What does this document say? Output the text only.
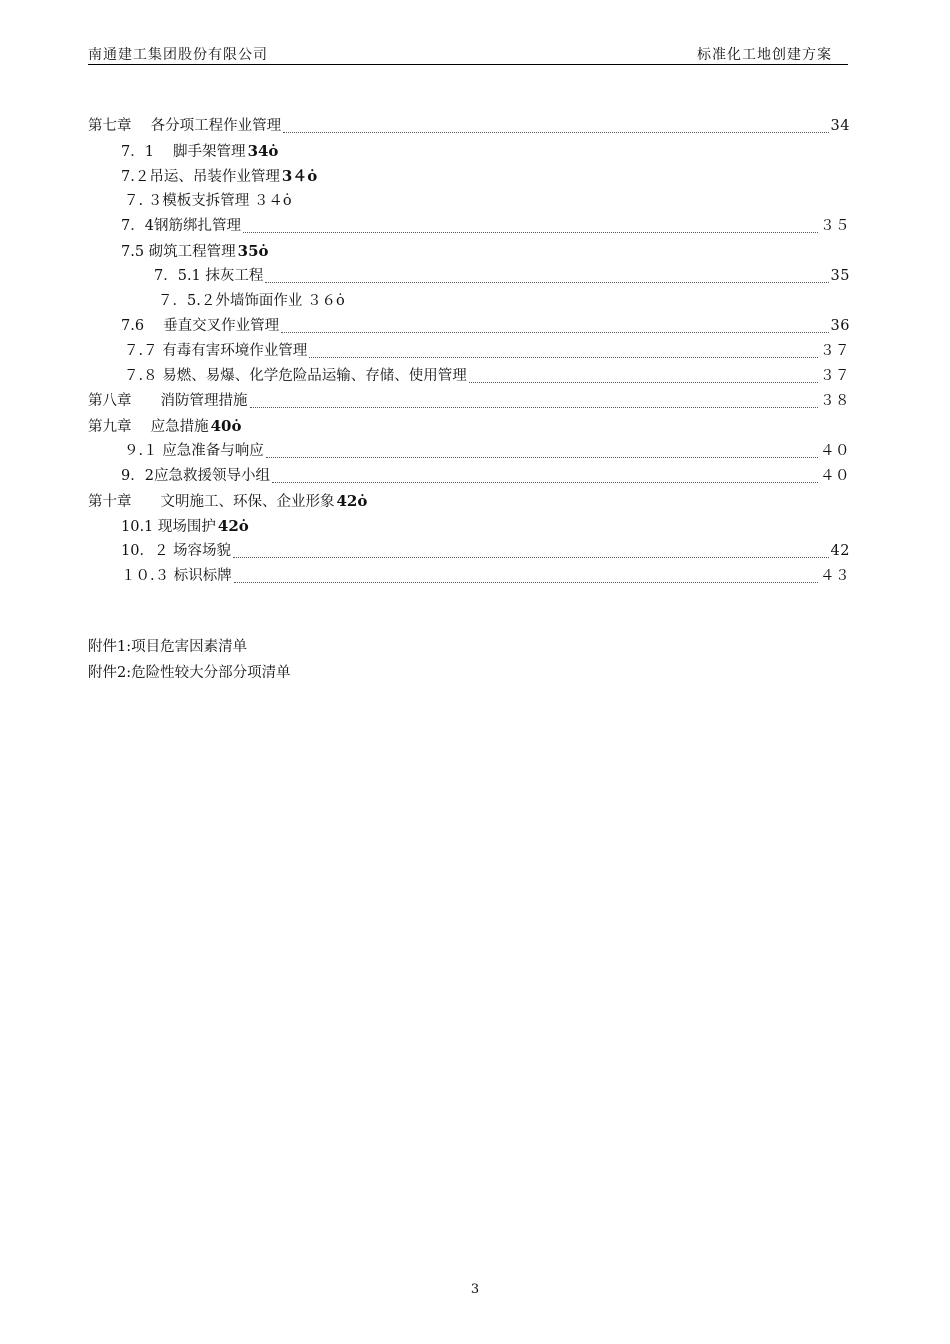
南通建工集团股份有限公司	标准化工地创建方案
第七章　 各分项工程作业管理	34
7．1　 脚手架管理 34ȯ
7.２吊运、吊装作业管理 3４ȯ
７. ３模板支拆管理 ３４ȯ
7．4钢筋绑扎管理	３５
7.5 砌筑工程管理 35ȯ
7．5.1 抹灰工程	35
７．5.２外墙饰面作业 ３６ȯ
7.6　 垂直交叉作业管理	36
７.７ 有毒有害环境作业管理	３７
７.８ 易燃、易爆、化学危险品运输、存储、使用管理	３７
第八章　　消防管理措施	３８
第九章　 应急措施 40ȯ
９.１ 应急准备与响应	４０
9．2应急救援领导小组	４０
第十章　　文明施工、环保、企业形象 42ȯ
10.1 现场围护 42ȯ
10．２ 场容场貌	42
１０.３ 标识标牌	４３
附件1:项目危害因素清单
附件2:危险性较大分部分项清单
3
